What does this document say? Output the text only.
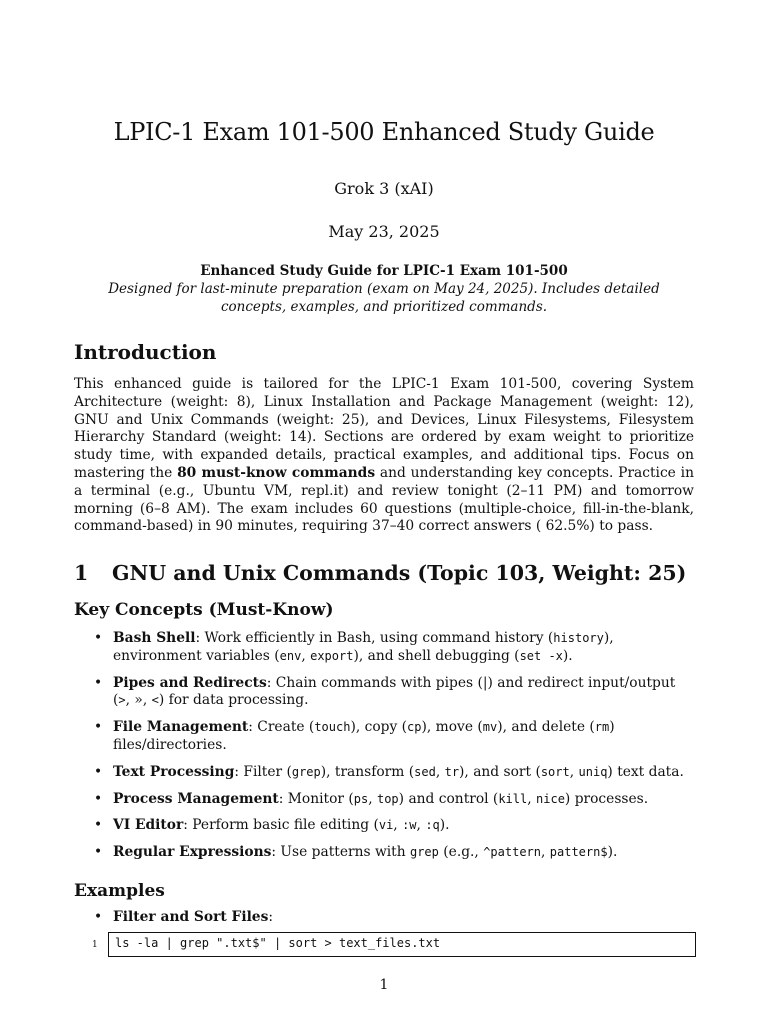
LPIC-1 Exam 101-500 Enhanced Study Guide
Grok 3 (xAI)
May 23, 2025
Enhanced Study Guide for LPIC-1 Exam 101-500
Designed for last-minute preparation (exam on May 24, 2025). Includes detailed concepts, examples, and prioritized commands.
Introduction
This enhanced guide is tailored for the LPIC-1 Exam 101-500, covering System Architecture (weight: 8), Linux Installation and Package Management (weight: 12), GNU and Unix Commands (weight: 25), and Devices, Linux Filesystems, Filesystem Hierarchy Standard (weight: 14). Sections are ordered by exam weight to prioritize study time, with expanded details, practical examples, and additional tips. Focus on mastering the 80 must-know commands and understanding key concepts. Practice in a terminal (e.g., Ubuntu VM, repl.it) and review tonight (2–11 PM) and tomorrow morning (6–8 AM). The exam includes 60 questions (multiple-choice, fill-in-the-blank, command-based) in 90 minutes, requiring 37–40 correct answers ( 62.5%) to pass.
1 GNU and Unix Commands (Topic 103, Weight: 25)
Key Concepts (Must-Know)
• Bash Shell: Work efficiently in Bash, using command history (history), environment variables (env, export), and shell debugging (set -x).
• Pipes and Redirects: Chain commands with pipes (|) and redirect input/output (>, », <) for data processing.
• File Management: Create (touch), copy (cp), move (mv), and delete (rm) files/directories.
• Text Processing: Filter (grep), transform (sed, tr), and sort (sort, uniq) text data.
• Process Management: Monitor (ps, top) and control (kill, nice) processes.
• VI Editor: Perform basic file editing (vi, :w, :q).
• Regular Expressions: Use patterns with grep (e.g., ^pattern, pattern$).
Examples
• Filter and Sort Files:
1	ls -la | grep ".txt$" | sort > text_files.txt
1
